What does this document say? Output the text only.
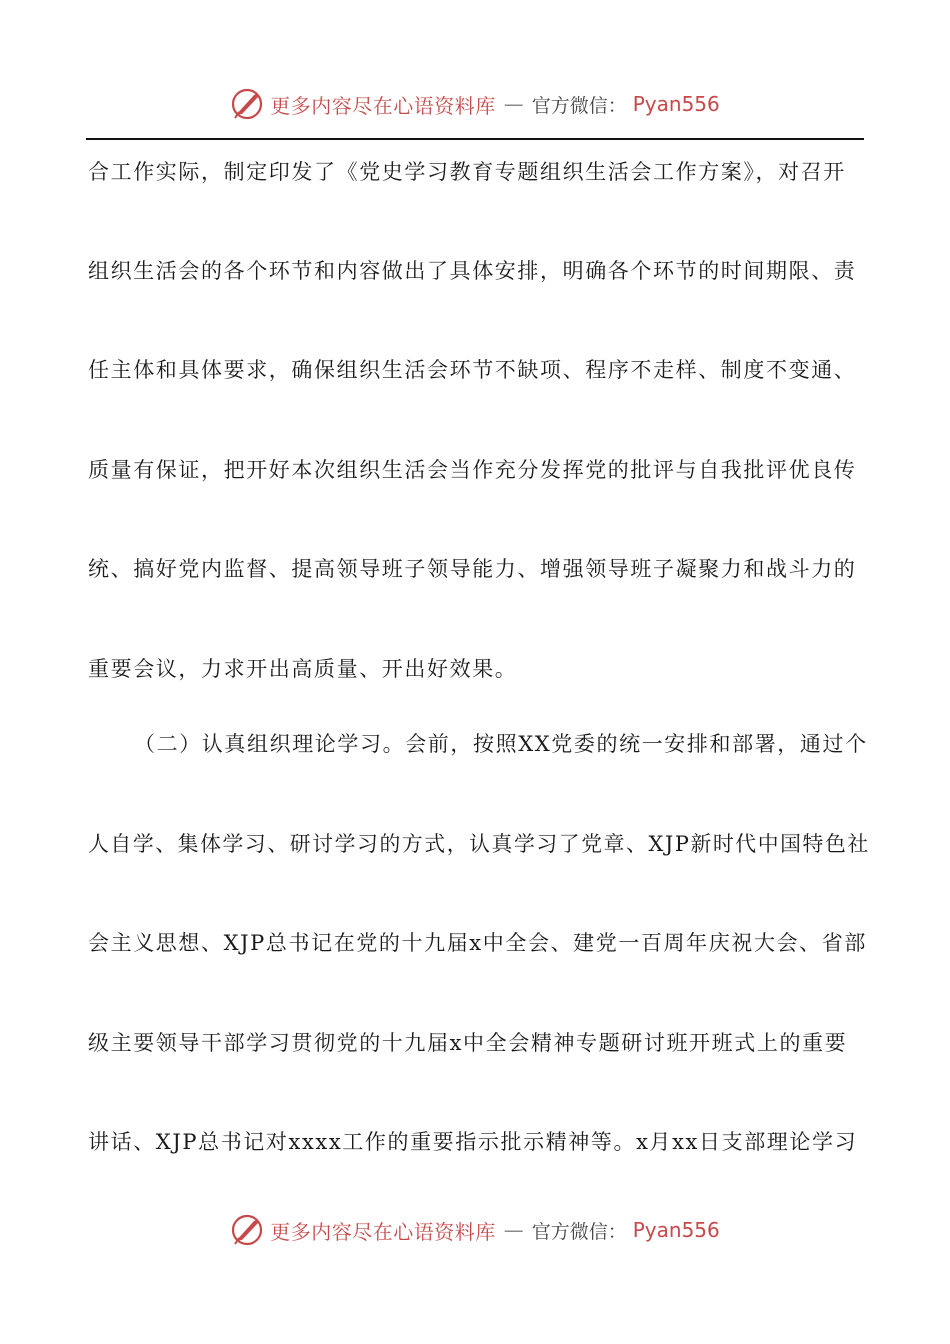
更多内容尽在心语资料库 — 官方微信： Pyan556
合工作实际，制定印发了《党史学习教育专题组织生活会工作方案》，对召开
组织生活会的各个环节和内容做出了具体安排，明确各个环节的时间期限、责
任主体和具体要求，确保组织生活会环节不缺项、程序不走样、制度不变通、
质量有保证，把开好本次组织生活会当作充分发挥党的批评与自我批评优良传
统、搞好党内监督、提高领导班子领导能力、增强领导班子凝聚力和战斗力的
重要会议，力求开出高质量、开出好效果。
（二）认真组织理论学习。会前，按照XX党委的统一安排和部署，通过个
人自学、集体学习、研讨学习的方式，认真学习了党章、XJP新时代中国特色社
会主义思想、XJP总书记在党的十九届x中全会、建党一百周年庆祝大会、省部
级主要领导干部学习贯彻党的十九届x中全会精神专题研讨班开班式上的重要
讲话、XJP总书记对xxxx工作的重要指示批示精神等。x月xx日支部理论学习
更多内容尽在心语资料库 — 官方微信： Pyan556
